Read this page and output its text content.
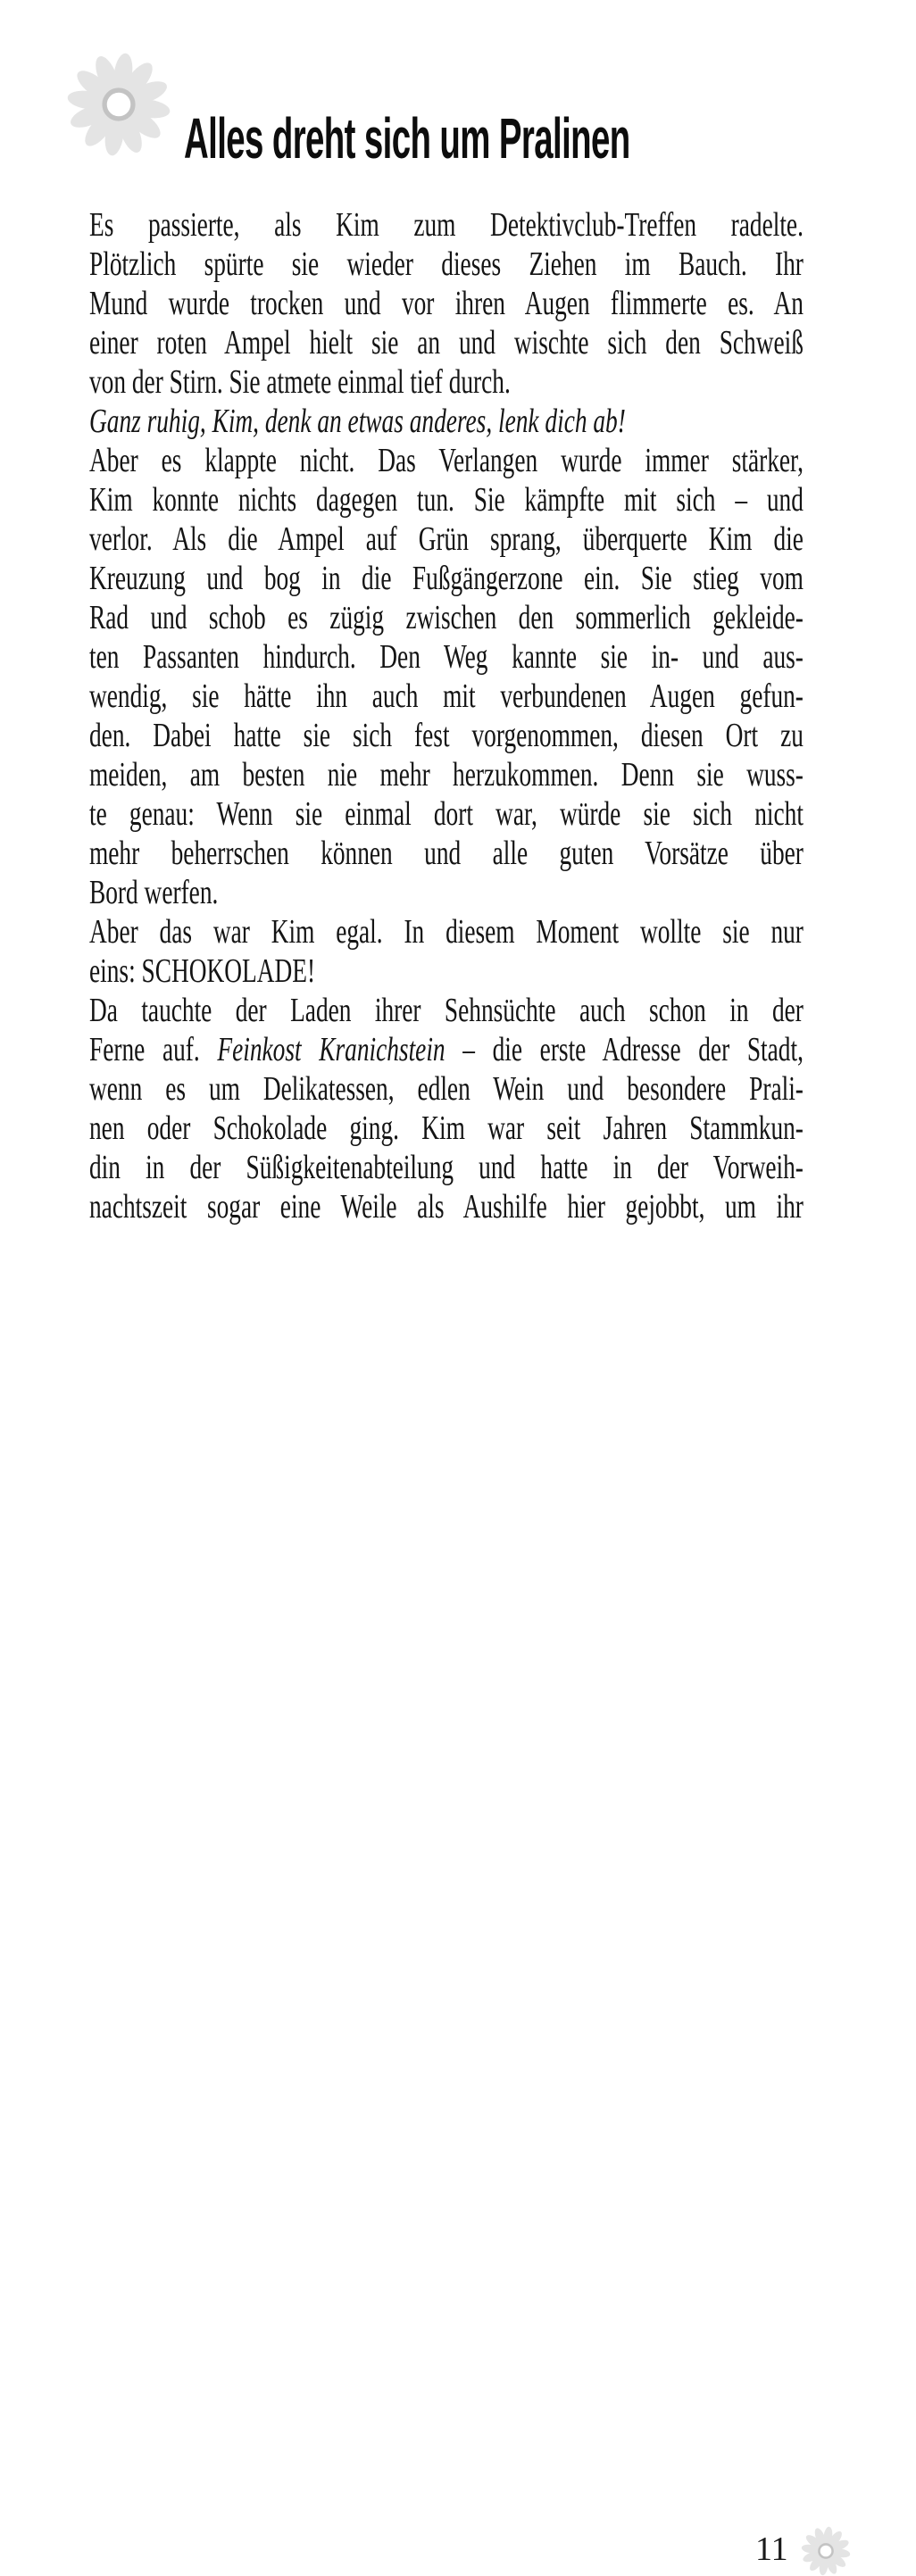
Alles dreht sich um Pralinen
Es passierte, als Kim zum Detektivclub-Treffen radelte.
Plötzlich spürte sie wieder dieses Ziehen im Bauch. Ihr
Mund wurde trocken und vor ihren Augen flimmerte es. An
einer roten Ampel hielt sie an und wischte sich den Schweiß
von der Stirn. Sie atmete einmal tief durch.
Ganz ruhig, Kim, denk an etwas anderes, lenk dich ab!
Aber es klappte nicht. Das Verlangen wurde immer stärker,
Kim konnte nichts dagegen tun. Sie kämpfte mit sich – und
verlor. Als die Ampel auf Grün sprang, überquerte Kim die
Kreuzung und bog in die Fußgängerzone ein. Sie stieg vom
Rad und schob es zügig zwischen den sommerlich gekleide-
ten Passanten hindurch. Den Weg kannte sie in- und aus-
wendig, sie hätte ihn auch mit verbundenen Augen gefun-
den. Dabei hatte sie sich fest vorgenommen, diesen Ort zu
meiden, am besten nie mehr herzukommen. Denn sie wuss-
te genau: Wenn sie einmal dort war, würde sie sich nicht
mehr beherrschen können und alle guten Vorsätze über
Bord werfen.
Aber das war Kim egal. In diesem Moment wollte sie nur
eins: SCHOKOLADE!
Da tauchte der Laden ihrer Sehnsüchte auch schon in der
Ferne auf. Feinkost Kranichstein – die erste Adresse der Stadt,
wenn es um Delikatessen, edlen Wein und besondere Prali-
nen oder Schokolade ging. Kim war seit Jahren Stammkun-
din in der Süßigkeitenabteilung und hatte in der Vorweih-
nachtszeit sogar eine Weile als Aushilfe hier gejobbt, um ihr
11
